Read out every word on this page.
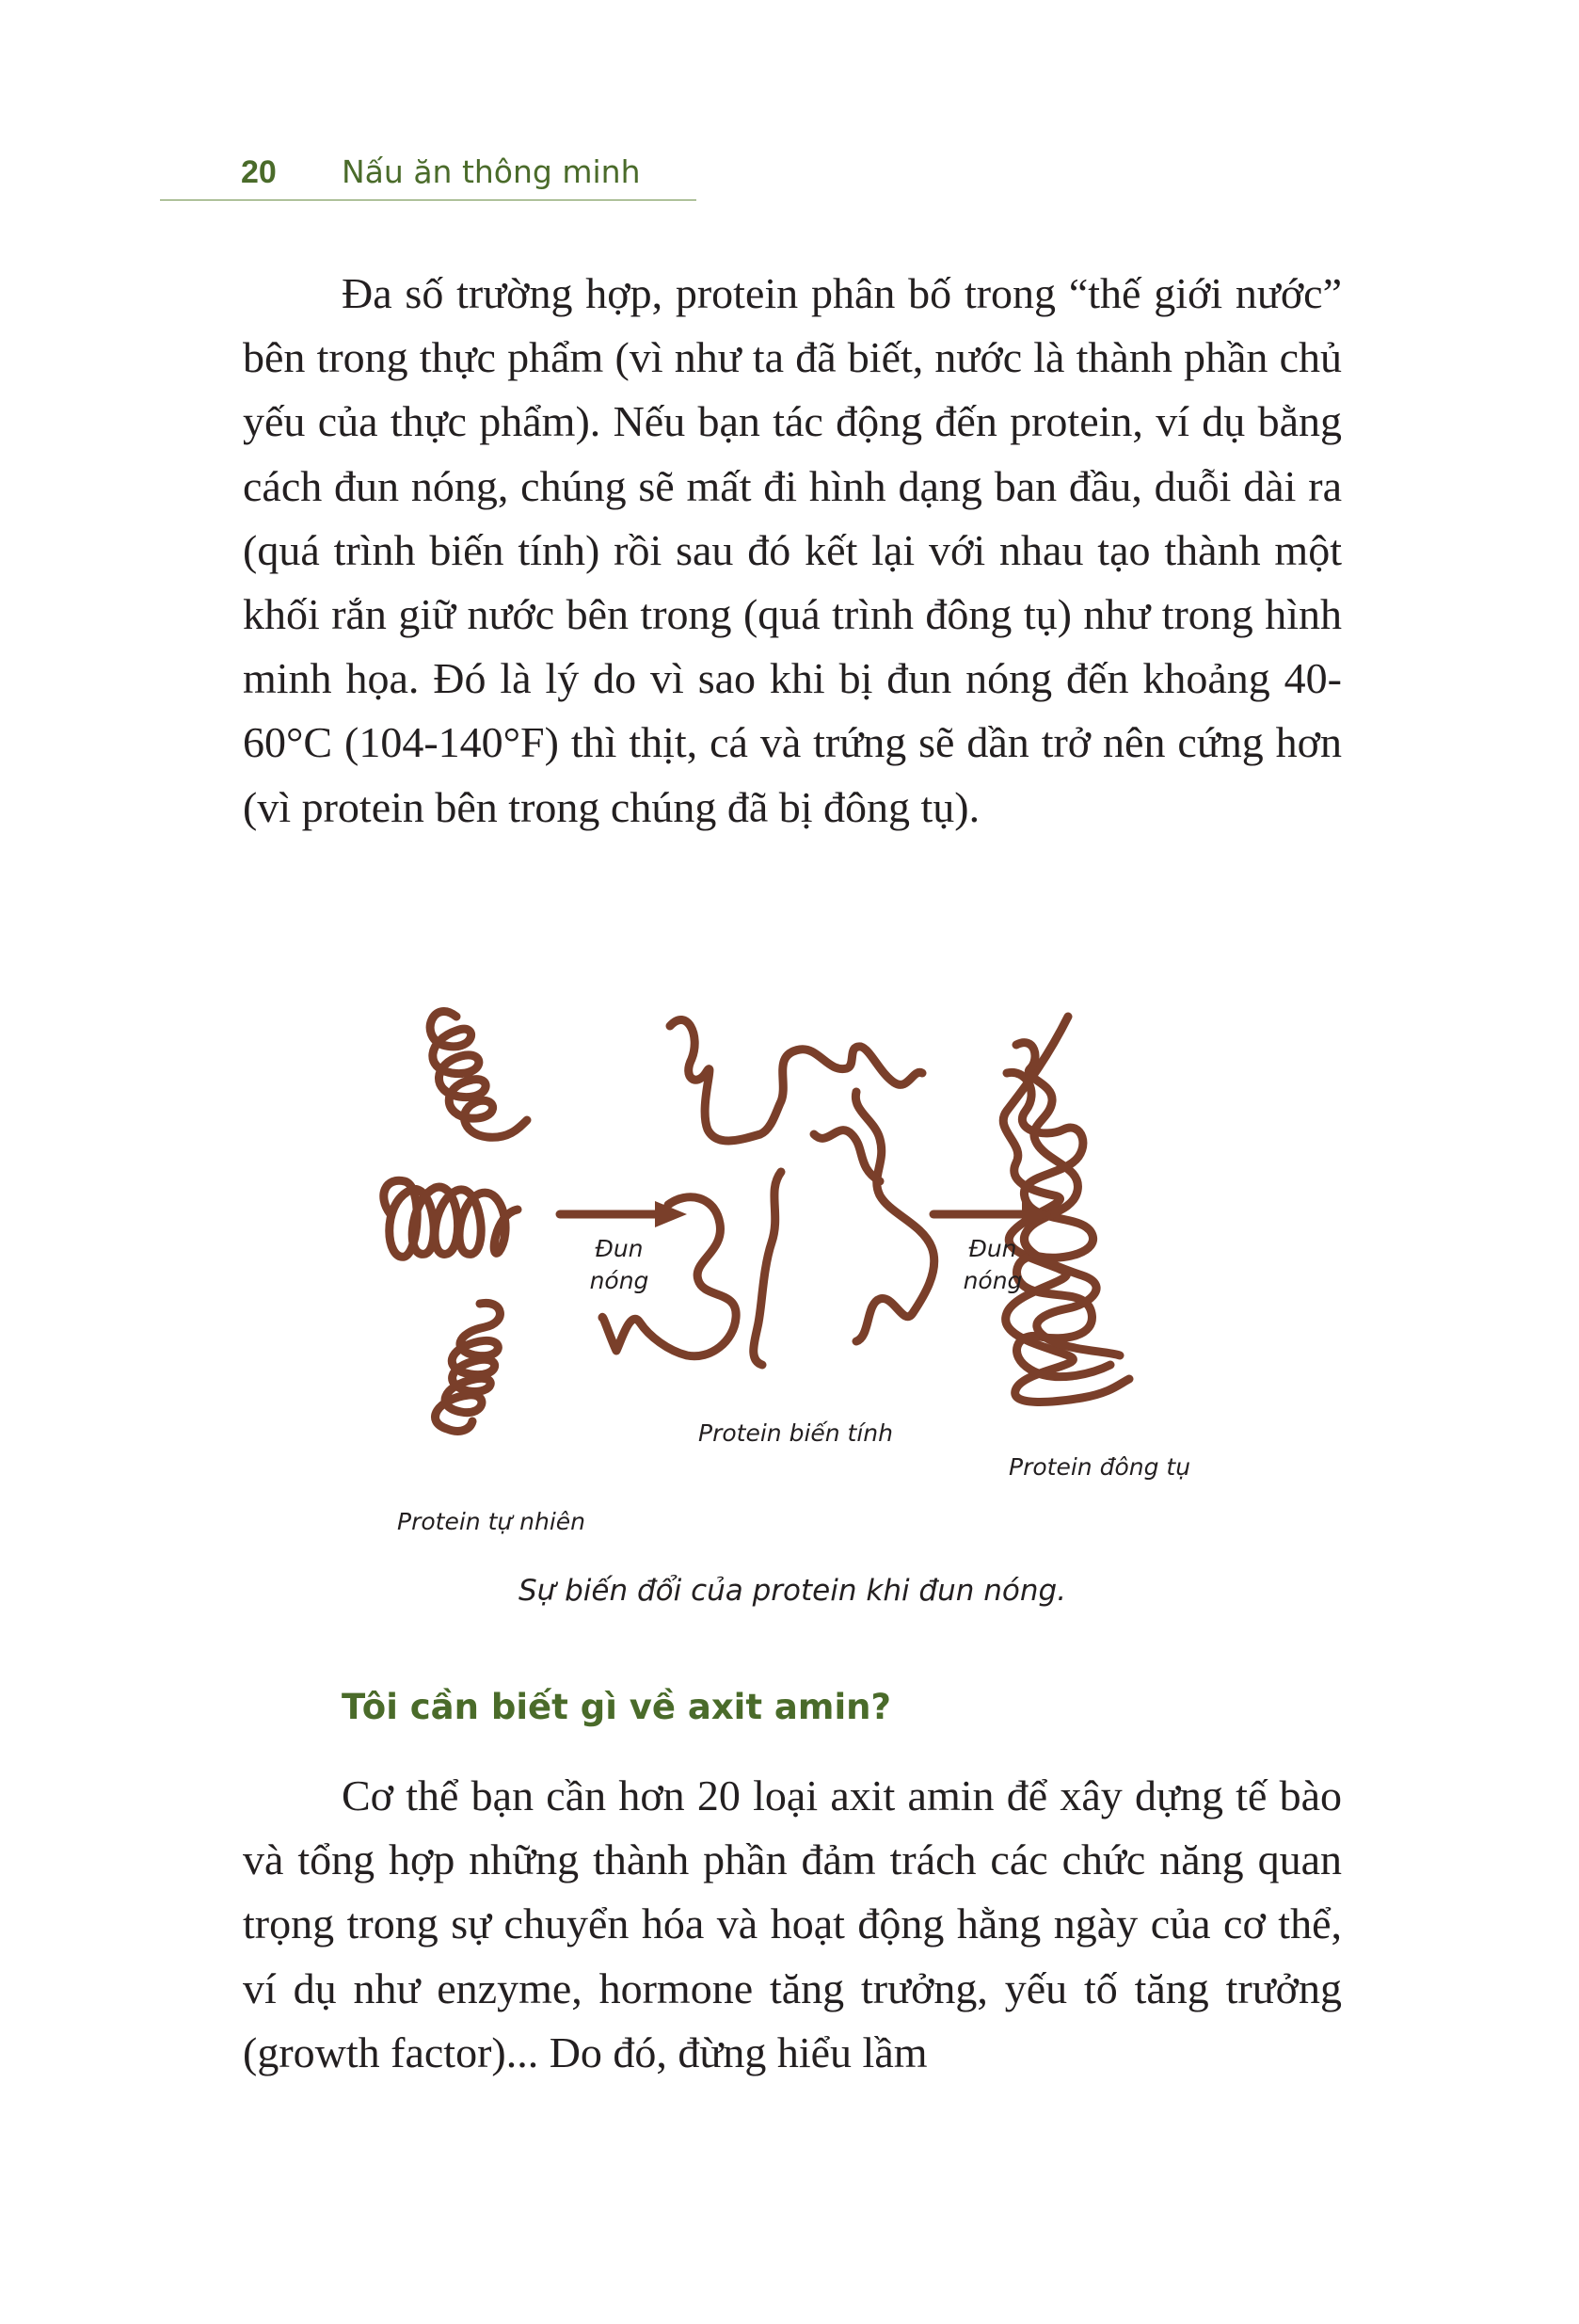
20 Nấu ăn thông minh

Đa số trường hợp, protein phân bố trong “thế giới nước” bên trong thực phẩm (vì như ta đã biết, nước là thành phần chủ yếu của thực phẩm). Nếu bạn tác động đến protein, ví dụ bằng cách đun nóng, chúng sẽ mất đi hình dạng ban đầu, duỗi dài ra (quá trình biến tính) rồi sau đó kết lại với nhau tạo thành một khối rắn giữ nước bên trong (quá trình đông tụ) như trong hình minh họa. Đó là lý do vì sao khi bị đun nóng đến khoảng 40-60°C (104-140°F) thì thịt, cá và trứng sẽ dần trở nên cứng hơn (vì protein bên trong chúng đã bị đông tụ).

Đun
nóng
Đun
nóng
Protein tự nhiên
Protein biến tính
Protein đông tụ
Sự biến đổi của protein khi đun nóng.
Tôi cần biết gì về axit amin?

Cơ thể bạn cần hơn 20 loại axit amin để xây dựng tế bào và tổng hợp những thành phần đảm trách các chức năng quan trọng trong sự chuyển hóa và hoạt động hằng ngày của cơ thể, ví dụ như enzyme, hormone tăng trưởng, yếu tố tăng trưởng (growth factor)... Do đó, đừng hiểu lầm
